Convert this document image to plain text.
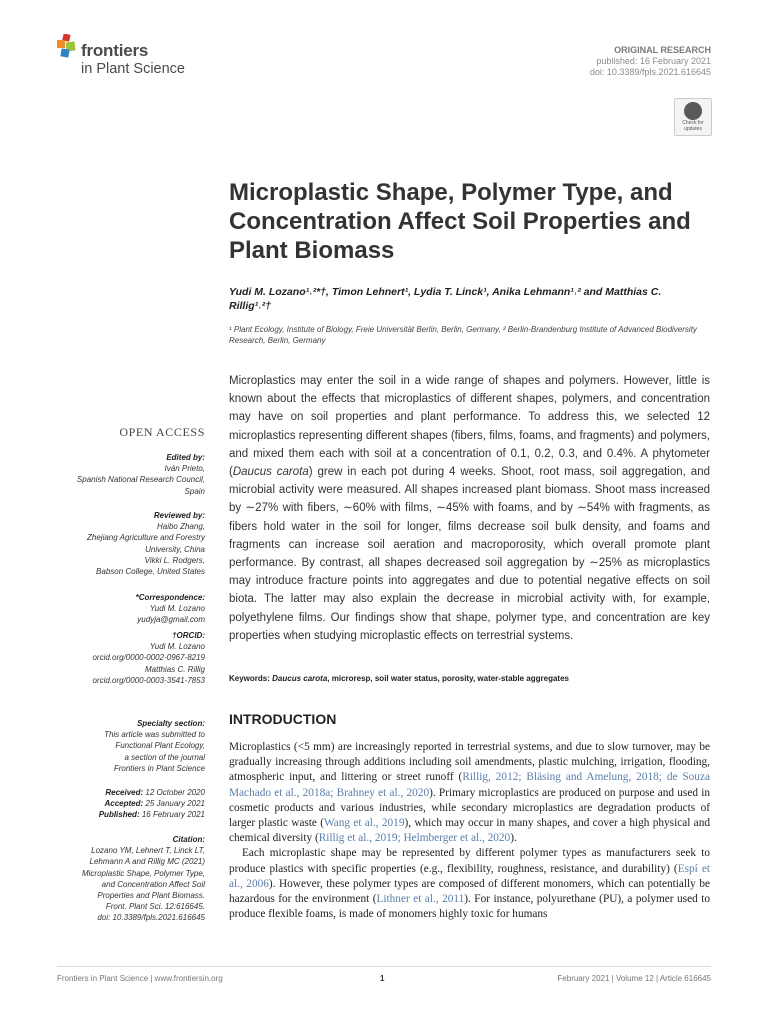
frontiers
in Plant Science
ORIGINAL RESEARCH
published: 16 February 2021
doi: 10.3389/fpls.2021.616645
Check for updates
Microplastic Shape, Polymer Type, and Concentration Affect Soil Properties and Plant Biomass
Yudi M. Lozano¹˒²*†, Timon Lehnert¹, Lydia T. Linck¹, Anika Lehmann¹˒² and Matthias C. Rillig¹˒²†
¹ Plant Ecology, Institute of Biology, Freie Universität Berlin, Berlin, Germany, ² Berlin-Brandenburg Institute of Advanced Biodiversity Research, Berlin, Germany
Microplastics may enter the soil in a wide range of shapes and polymers. However, little is known about the effects that microplastics of different shapes, polymers, and concentration may have on soil properties and plant performance. To address this, we selected 12 microplastics representing different shapes (fibers, films, foams, and fragments) and polymers, and mixed them each with soil at a concentration of 0.1, 0.2, 0.3, and 0.4%. A phytometer (Daucus carota) grew in each pot during 4 weeks. Shoot, root mass, soil aggregation, and microbial activity were measured. All shapes increased plant biomass. Shoot mass increased by ∼27% with fibers, ∼60% with films, ∼45% with foams, and by ∼54% with fragments, as fibers hold water in the soil for longer, films decrease soil bulk density, and foams and fragments can increase soil aeration and macroporosity, which overall promote plant performance. By contrast, all shapes decreased soil aggregation by ∼25% as microplastics may introduce fracture points into aggregates and due to potential negative effects on soil biota. The latter may also explain the decrease in microbial activity with, for example, polyethylene films. Our findings show that shape, polymer type, and concentration are key properties when studying microplastic effects on terrestrial systems.
Keywords: Daucus carota, microresp, soil water status, porosity, water-stable aggregates
OPEN ACCESS
Edited by:
Iván Prieto,
Spanish National Research Council,
Spain
Reviewed by:
Haibo Zhang,
Zhejiang Agriculture and Forestry
University, China
Vikki L. Rodgers,
Babson College, United States
*Correspondence:
Yudi M. Lozano
yudyja@gmail.com
†ORCID:
Yudi M. Lozano
orcid.org/0000-0002-0967-8219
Matthias C. Rillig
orcid.org/0000-0003-3541-7853
Specialty section:
This article was submitted to
Functional Plant Ecology,
a section of the journal
Frontiers in Plant Science
Received: 12 October 2020
Accepted: 25 January 2021
Published: 16 February 2021
Citation:
Lozano YM, Lehnert T, Linck LT,
Lehmann A and Rillig MC (2021)
Microplastic Shape, Polymer Type,
and Concentration Affect Soil
Properties and Plant Biomass.
Front. Plant Sci. 12:616645.
doi: 10.3389/fpls.2021.616645
INTRODUCTION

Microplastics (<5 mm) are increasingly reported in terrestrial systems, and due to slow turnover, may be gradually increasing through additions including soil amendments, plastic mulching, irrigation, flooding, atmospheric input, and littering or street runoff (Rillig, 2012; Bläsing and Amelung, 2018; de Souza Machado et al., 2018a; Brahney et al., 2020). Primary microplastics are produced on purpose and used in cosmetic products and various industries, while secondary microplastics are degradation products of larger plastic waste (Wang et al., 2019), which may occur in many shapes, and cover a high physical and chemical diversity (Rillig et al., 2019; Helmberger et al., 2020).

Each microplastic shape may be represented by different polymer types as manufacturers seek to produce plastics with specific properties (e.g., flexibility, roughness, resistance, and durability) (Espí et al., 2006). However, these polymer types are composed of different monomers, which can potentially be hazardous for the environment (Lithner et al., 2011). For instance, polyurethane (PU), a polymer used to produce flexible foams, is made of monomers highly toxic for humans

Frontiers in Plant Science | www.frontiersin.org	1	February 2021 | Volume 12 | Article 616645
